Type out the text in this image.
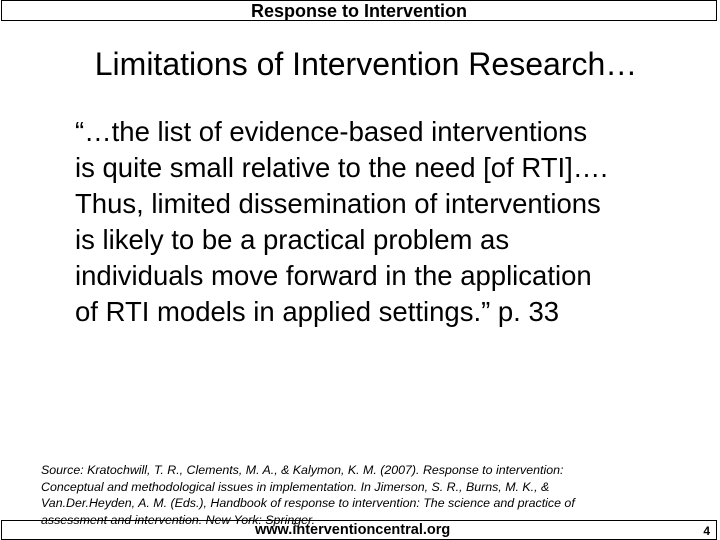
Response to Intervention
Limitations of Intervention Research…
“…the list of evidence-based interventions
is quite small relative to the need [of RTI]….
Thus, limited dissemination of interventions
is likely to be a practical problem as
individuals move forward in the application
of RTI models in applied settings.” p. 33
Source: Kratochwill, T. R., Clements, M. A., & Kalymon, K. M. (2007). Response to intervention:
Conceptual and methodological issues in implementation. In Jimerson, S. R., Burns, M. K., &
Van.Der.Heyden, A. M. (Eds.), Handbook of response to intervention: The science and practice of
assessment and intervention. New York: Springer.
www.interventioncentral.org	4
